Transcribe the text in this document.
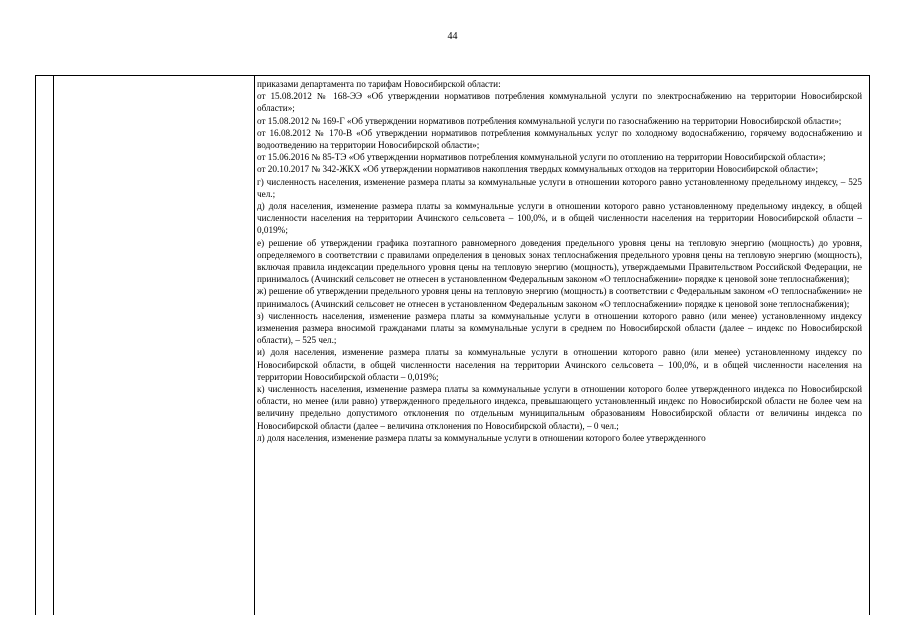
44

приказами департамента по тарифам Новосибирской области:

от 15.08.2012 № 168-ЭЭ «Об утверждении нормативов потребления коммунальной услуги по электроснабжению на территории Новосибирской области»;

от 15.08.2012 № 169-Г «Об утверждении нормативов потребления коммунальной услуги по газоснабжению на территории Новосибирской области»;

от 16.08.2012 № 170-В «Об утверждении нормативов потребления коммунальных услуг по холодному водоснабжению, горячему водоснабжению и водоотведению на территории Новосибирской области»;

от 15.06.2016 № 85-ТЭ «Об утверждении нормативов потребления коммунальной услуги по отоплению на территории Новосибирской области»;

от 20.10.2017 № 342-ЖКХ «Об утверждении нормативов накопления твердых коммунальных отходов на территории Новосибирской области»;

г) численность населения, изменение размера платы за коммунальные услуги в отношении которого равно установленному предельному индексу, – 525 чел.;

д) доля населения, изменение размера платы за коммунальные услуги в отношении которого равно установленному предельному индексу, в общей численности населения на территории Ачинского сельсовета – 100,0%, и в общей численности населения на территории Новосибирской области – 0,019%;

е) решение об утверждении графика поэтапного равномерного доведения предельного уровня цены на тепловую энергию (мощность) до уровня, определяемого в соответствии с правилами определения в ценовых зонах теплоснабжения предельного уровня цены на тепловую энергию (мощность), включая правила индексации предельного уровня цены на тепловую энергию (мощность), утверждаемыми Правительством Российской Федерации, не принималось (Ачинский сельсовет не отнесен в установленном Федеральным законом «О теплоснабжении» порядке к ценовой зоне теплоснабжения);

ж) решение об утверждении предельного уровня цены на тепловую энергию (мощность) в соответствии с Федеральным законом «О теплоснабжении» не принималось (Ачинский сельсовет не отнесен в установленном Федеральным законом «О теплоснабжении» порядке к ценовой зоне теплоснабжения);

з) численность населения, изменение размера платы за коммунальные услуги в отношении которого равно (или менее) установленному индексу изменения размера вносимой гражданами платы за коммунальные услуги в среднем по Новосибирской области (далее – индекс по Новосибирской области), – 525 чел.;

и) доля населения, изменение размера платы за коммунальные услуги в отношении которого равно (или менее) установленному индексу по Новосибирской области, в общей численности населения на территории Ачинского сельсовета – 100,0%, и в общей численности населения на территории Новосибирской области – 0,019%;

к) численность населения, изменение размера платы за коммунальные услуги в отношении которого более утвержденного индекса по Новосибирской области, но менее (или равно) утвержденного предельного индекса, превышающего установленный индекс по Новосибирской области не более чем на величину предельно допустимого отклонения по отдельным муниципальным образованиям Новосибирской области от величины индекса по Новосибирской области (далее – величина отклонения по Новосибирской области), – 0 чел.;

л) доля населения, изменение размера платы за коммунальные услуги в отношении которого более утвержденного
